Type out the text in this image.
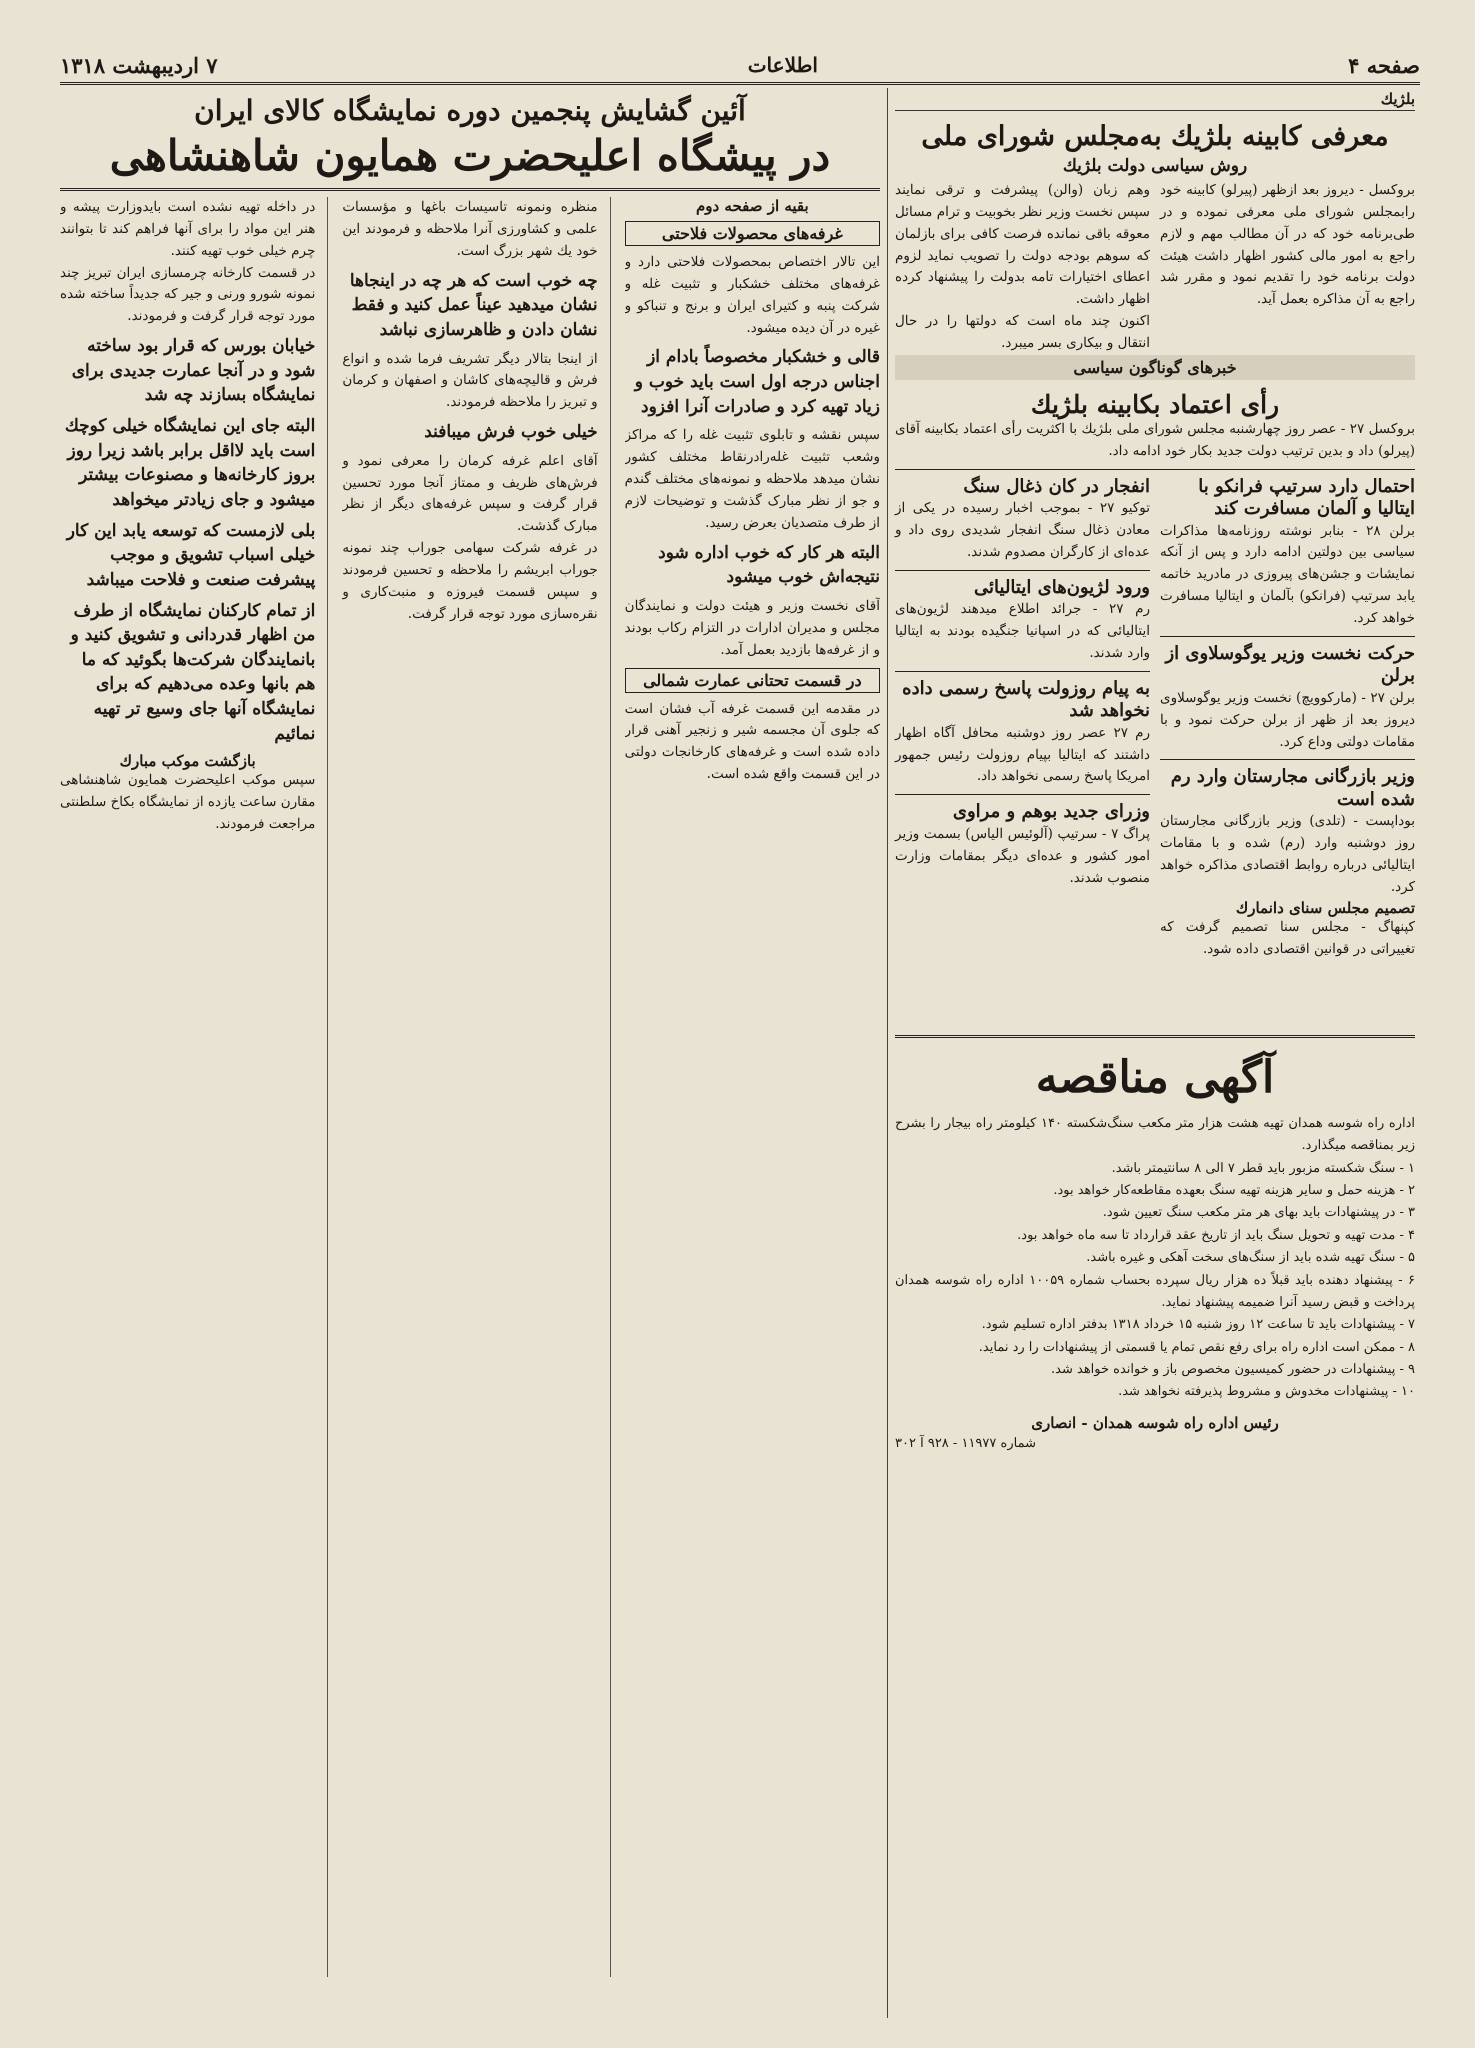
صفحه ۴
اطلاعات
۷ اردیبهشت ۱۳۱۸
بلژیك
معرفی کابینه بلژیك به‌مجلس شورای ملی
روش سیاسی دولت بلژیك
بروکسل - دیروز بعد ازظهر (پیرلو) کابینه خود رابمجلس شورای ملی معرفی نموده و در طی‌برنامه خود که در آن مطالب مهم و لازم راجع به امور مالی کشور اظهار داشت هیئت دولت برنامه خود را تقدیم نمود و مقرر شد راجع به آن مذاکره بعمل آید.
وهم زبان (والن) پیشرفت و ترقی نمایند سپس نخست وزیر نظر بخوبیت و ترام مسائل معوقه باقی نمانده فرصت کافی برای بازلمان که سوهم بودجه دولت را تصویب نماید لزوم اعطای اختیارات تامه بدولت را پیشنهاد کرده اظهار داشت.
اکنون چند ماه است که دولتها را در حال انتقال و بیکاری بسر میبرد.
خبرهای گوناگون سیاسی
رأی اعتماد بکابینه بلژیك
بروکسل ۲۷ - عصر روز چهارشنبه مجلس شورای ملی بلژیك با اکثریت رأی اعتماد بکابینه آقای (پیرلو) داد و بدین ترتیب دولت جدید بکار خود ادامه داد.
احتمال دارد سرتیپ فرانکو با ایتالیا و آلمان مسافرت کند
برلن ۲۸ - بنابر نوشته روزنامه‌ها مذاکرات سیاسی بین دولتین ادامه دارد و پس از آنکه نمایشات و جشن‌های پیروزی در مادرید خاتمه یابد سرتیپ (فرانکو) بآلمان و ایتالیا مسافرت خواهد کرد.
حرکت نخست وزیر یوگوسلاوی از برلن
برلن ۲۷ - (مارکوویچ) نخست وزیر یوگوسلاوی دیروز بعد از ظهر از برلن حرکت نمود و با مقامات دولتی وداع کرد.
وزیر بازرگانی مجارستان وارد رم شده است
بوداپست - (تلدی) وزیر بازرگانی مجارستان روز دوشنبه وارد (رم) شده و با مقامات ایتالیائی درباره روابط اقتصادی مذاکره خواهد کرد.
تصمیم مجلس سنای دانمارك
کپنهاگ - مجلس سنا تصمیم گرفت که تغییراتی در قوانین اقتصادی داده شود.
انفجار در کان ذغال سنگ
توکیو ۲۷ - بموجب اخبار رسیده در یکی از معادن ذغال سنگ انفجار شدیدی روی داد و عده‌ای از کارگران مصدوم شدند.
ورود لژیون‌های ایتالیائی
رم ۲۷ - جرائد اطلاع میدهند لژیون‌های ایتالیائی که در اسپانیا جنگیده بودند به ایتالیا وارد شدند.
به پیام روزولت پاسخ رسمی داده نخواهد شد
رم ۲۷ عصر روز دوشنبه محافل آگاه اظهار داشتند که ایتالیا بپیام روزولت رئیس جمهور امریکا پاسخ رسمی نخواهد داد.
وزرای جدید بوهم و مراوی
پراگ ۷ - سرتیپ (آلوئیس الیاس) بسمت وزیر امور کشور و عده‌ای دیگر بمقامات وزارت منصوب شدند.
آگهی مناقصه
اداره راه شوسه همدان تهیه هشت هزار متر مکعب سنگ‌شکسته ۱۴۰ کیلومتر راه بیجار را بشرح زیر بمناقصه میگذارد.
۱ - سنگ شکسته مزبور باید قطر ۷ الی ۸ سانتیمتر باشد.
۲ - هزینه حمل و سایر هزینه تهیه سنگ بعهده مقاطعه‌کار خواهد بود.
۳ - در پیشنهادات باید بهای هر متر مکعب سنگ تعیین شود.
۴ - مدت تهیه و تحویل سنگ باید از تاریخ عقد قرارداد تا سه ماه خواهد بود.
۵ - سنگ تهیه شده باید از سنگ‌های سخت آهکی و غیره باشد.
۶ - پیشنهاد دهنده باید قبلاً ده هزار ریال سپرده بحساب شماره ۱۰۰۵۹ اداره راه شوسه همدان پرداخت و قبض رسید آنرا ضمیمه پیشنهاد نماید.
۷ - پیشنهادات باید تا ساعت ۱۲ روز شنبه ۱۵ خرداد ۱۳۱۸ بدفتر اداره تسلیم شود.
۸ - ممکن است اداره راه برای رفع نقص تمام یا قسمتی از پیشنهادات را رد نماید.
۹ - پیشنهادات در حضور کمیسیون مخصوص باز و خوانده خواهد شد.
۱۰ - پیشنهادات مخدوش و مشروط پذیرفته نخواهد شد.
رئیس اداره راه شوسه همدان - انصاری
شماره ۱۱۹۷۷ - ۹۲۸ آ ۳۰۲
آئین گشایش پنجمین دوره نمایشگاه کالای ایران
در پیشگاه اعلیحضرت همایون شاهنشاهی
بقیه از صفحه دوم
غرفه‌های محصولات فلاحتی
این تالار اختصاص بمحصولات فلاحتی دارد و غرفه‌های مختلف خشکبار و تثبیت غله و شرکت پنبه و کتیرای ایران و برنج و تنباکو و غیره در آن دیده میشود.
قالی و خشکبار مخصوصاً بادام از اجناس درجه اول است باید خوب و زیاد تهیه کرد و صادرات آنرا افزود
سپس نقشه و تابلوی تثبیت غله را که مراکز وشعب تثبیت غله‌رادرنقاط مختلف کشور نشان میدهد ملاحظه و نمونه‌های مختلف گندم و جو از نظر مبارک گذشت و توضیحات لازم از طرف متصدیان بعرض رسید.
البته هر کار که خوب اداره شود نتیجه‌اش خوب میشود
آقای نخست وزیر و هیئت دولت و نمایندگان مجلس و مدیران ادارات در التزام رکاب بودند و از غرفه‌ها بازدید بعمل آمد.
در قسمت تحتانی عمارت شمالی
در مقدمه این قسمت غرفه آب فشان است که جلوی آن مجسمه شیر و زنجیر آهنی قرار داده شده است و غرفه‌های کارخانجات دولتی در این قسمت واقع شده است.
منظره ونمونه تاسیسات باغها و مؤسسات علمی و کشاورزی آنرا ملاحظه و فرمودند این خود یك شهر بزرگ است.
چه خوب است که هر چه در اینجاها نشان میدهید عیناً عمل کنید و فقط نشان دادن و ظاهرسازی نباشد
از اینجا بتالار دیگر تشریف فرما شده و انواع فرش و قالیچه‌های کاشان و اصفهان و کرمان و تبریز را ملاحظه فرمودند.
خیلی خوب فرش میبافند
آقای اعلم غرفه کرمان را معرفی نمود و فرش‌های ظریف و ممتاز آنجا مورد تحسین قرار گرفت و سپس غرفه‌های دیگر از نظر مبارک گذشت.
در غرفه شرکت سهامی جوراب چند نمونه جوراب ابریشم را ملاحظه و تحسین فرمودند و سپس قسمت فیروزه و منبت‌کاری و نقره‌سازی مورد توجه قرار گرفت.
در داخله تهیه نشده است بایدوزارت پیشه و هنر این مواد را برای آنها فراهم کند تا بتوانند چرم خیلی خوب تهیه کنند.
در قسمت کارخانه چرمسازی ایران تبریز چند نمونه شورو ورنی و جیر که جدیداً ساخته شده مورد توجه قرار گرفت و فرمودند.
خیابان بورس که قرار بود ساخته شود و در آنجا عمارت جدیدی برای نمایشگاه بسازند چه شد
البته جای این نمایشگاه خیلی کوچك است باید لااقل برابر باشد زیرا روز بروز کارخانه‌ها و مصنوعات بیشتر میشود و جای زیادتر میخواهد
بلی لازمست که توسعه یابد این کار خیلی اسباب تشویق و موجب پیشرفت صنعت و فلاحت میباشد
از تمام کارکنان نمایشگاه از طرف من اظهار قدردانی و تشویق کنید و بانمایندگان شرکت‌ها بگوئید که ما هم بانها وعده می‌دهیم که برای نمایشگاه آنها جای وسیع تر تهیه نمائیم
بازگشت موکب مبارك
سپس موکب اعلیحضرت همایون شاهنشاهی مقارن ساعت یازده از نمایشگاه بکاخ سلطنتی مراجعت فرمودند.
